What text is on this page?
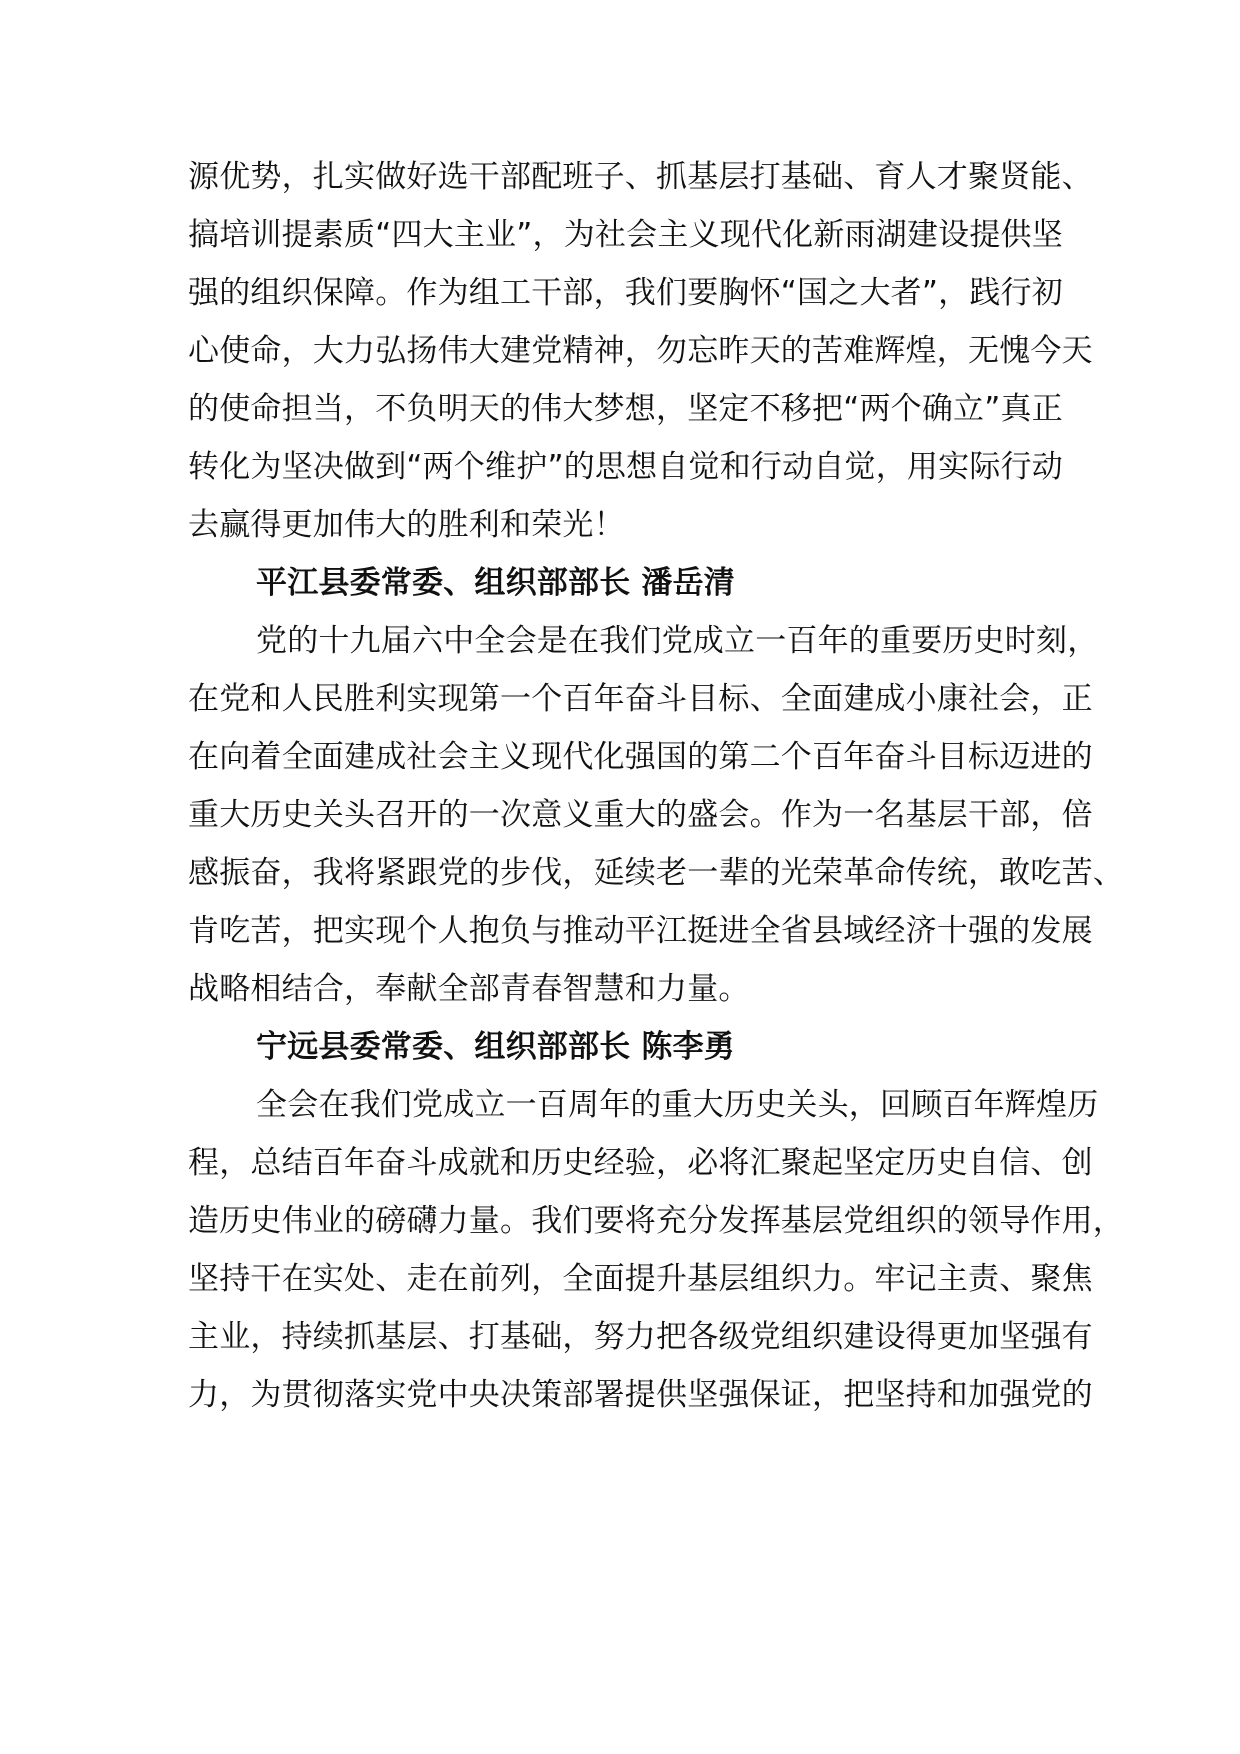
源优势，扎实做好选干部配班子、抓基层打基础、育人才聚贤能、
搞培训提素质“四大主业”，为社会主义现代化新雨湖建设提供坚
强的组织保障。作为组工干部，我们要胸怀“国之大者”，践行初
心使命，大力弘扬伟大建党精神，勿忘昨天的苦难辉煌，无愧今天
的使命担当，不负明天的伟大梦想，坚定不移把“两个确立”真正
转化为坚决做到“两个维护”的思想自觉和行动自觉，用实际行动
去赢得更加伟大的胜利和荣光！
平江县委常委、组织部部长 潘岳清
党的十九届六中全会是在我们党成立一百年的重要历史时刻，
在党和人民胜利实现第一个百年奋斗目标、全面建成小康社会，正
在向着全面建成社会主义现代化强国的第二个百年奋斗目标迈进的
重大历史关头召开的一次意义重大的盛会。作为一名基层干部，倍
感振奋，我将紧跟党的步伐，延续老一辈的光荣革命传统，敢吃苦、
肯吃苦，把实现个人抱负与推动平江挺进全省县域经济十强的发展
战略相结合，奉献全部青春智慧和力量。
宁远县委常委、组织部部长 陈李勇
全会在我们党成立一百周年的重大历史关头，回顾百年辉煌历
程，总结百年奋斗成就和历史经验，必将汇聚起坚定历史自信、创
造历史伟业的磅礴力量。我们要将充分发挥基层党组织的领导作用，
坚持干在实处、走在前列，全面提升基层组织力。牢记主责、聚焦
主业，持续抓基层、打基础，努力把各级党组织建设得更加坚强有
力，为贯彻落实党中央决策部署提供坚强保证，把坚持和加强党的
